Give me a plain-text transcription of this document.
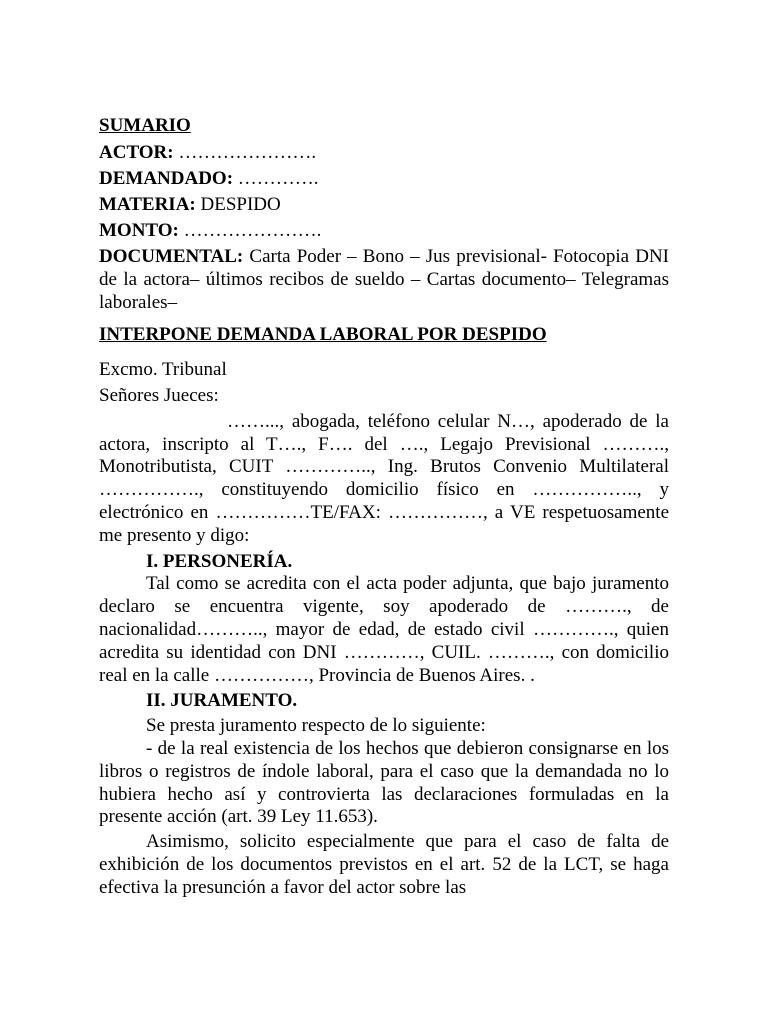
SUMARIO

ACTOR: ………………….

DEMANDADO: ………….

MATERIA: DESPIDO

MONTO: ………………….

DOCUMENTAL: Carta Poder – Bono – Jus previsional- Fotocopia DNI de la actora– últimos recibos de sueldo – Cartas documento– Telegramas laborales–

INTERPONE DEMANDA LABORAL POR DESPIDO

Excmo. Tribunal

Señores Jueces:

……..., abogada, teléfono celular N…, apoderado de la actora, inscripto al T…., F…. del …., Legajo Previsional ………., Monotributista, CUIT ………….., Ing. Brutos Convenio Multilateral ……………., constituyendo domicilio físico en …………….., y electrónico en ……………TE/FAX: ……………, a VE respetuosamente me presento y digo:

I. PERSONERÍA.

Tal como se acredita con el acta poder adjunta, que bajo juramento declaro se encuentra vigente, soy apoderado de ………., de nacionalidad……….., mayor de edad, de estado civil …………., quien acredita su identidad con DNI …………, CUIL. ………., con domicilio real en la calle ……………, Provincia de Buenos Aires. .

II. JURAMENTO.

Se presta juramento respecto de lo siguiente:

- de la real existencia de los hechos que debieron consignarse en los libros o registros de índole laboral, para el caso que la demandada no lo hubiera hecho así y controvierta las declaraciones formuladas en la presente acción (art. 39 Ley 11.653).

Asimismo, solicito especialmente que para el caso de falta de exhibición de los documentos previstos en el art. 52 de la LCT, se haga efectiva la presunción a favor del actor sobre las
